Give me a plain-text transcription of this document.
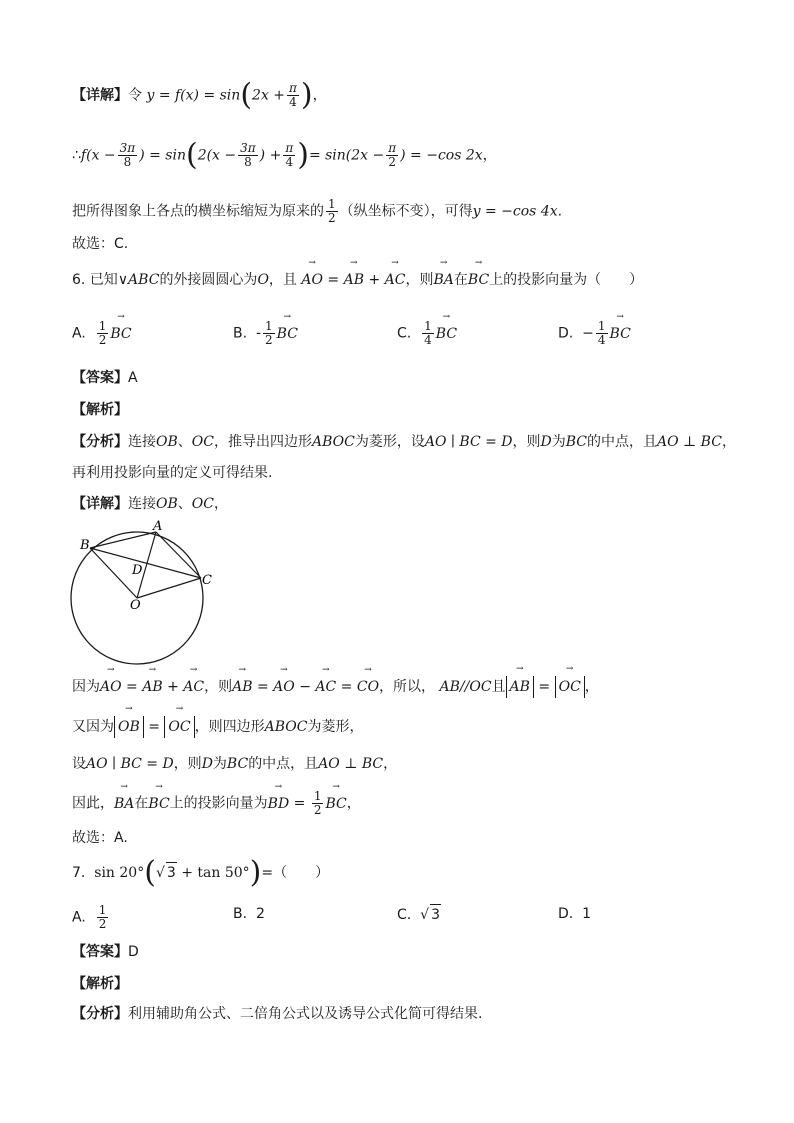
【详解】令 $y = f(x) = \sin(2x + \frac{\pi}{4}$ )，
∴f(x − $\frac{3\pi}{8}$ ) = $\sin(2(x - \frac{3\pi}{8}$ ) + $\frac{\pi}{4}$ )= $\sin(2x - \frac{\pi}{2}$ ) = −cos 2x，
把所得图象上各点的横坐标缩短为原来的 $\frac{1}{2}$ （纵坐标不变），可得y = −cos 4x.
故选：C.
6. 已知∨ABC的外接圆圆心为O，且 → AO = → AB + → AC，则→ BA在→ BC上的投影向量为（　　）
A. $\frac{1}{2}$ → BC	B. - $\frac{1}{2}$ → BC	C. $\frac{1}{4}$ → BC	D. − $\frac{1}{4}$ → BC
【答案】A
【解析】
【分析】连接OB、OC，推导出四边形ABOC为菱形，设AO ∣ BC = D，则D为BC的中点，且AO ⊥ BC，
再利用投影向量的定义可得结果.
【详解】连接OB、OC，
A
B
C
D
O
因为→ AO = → AB + → AC，则→ AB = → AO − → AC = → CO，所以， AB//OC且 → AB = → OC ，
又因为 → OB = → OC ，则四边形ABOC为菱形，
设AO ∣ BC = D，则D为BC的中点，且AO ⊥ BC，
因此，→ BA在→ BC上的投影向量为→ BD = $\frac{1}{2}$ → BC，
故选：A.
7. sin 20°(√ 3 + tan 50°)=（　　）
A. $\frac{1}{2}$	B. 2	C.  √ 3	D. 1
【答案】D
【解析】
【分析】利用辅助角公式、二倍角公式以及诱导公式化简可得结果.
